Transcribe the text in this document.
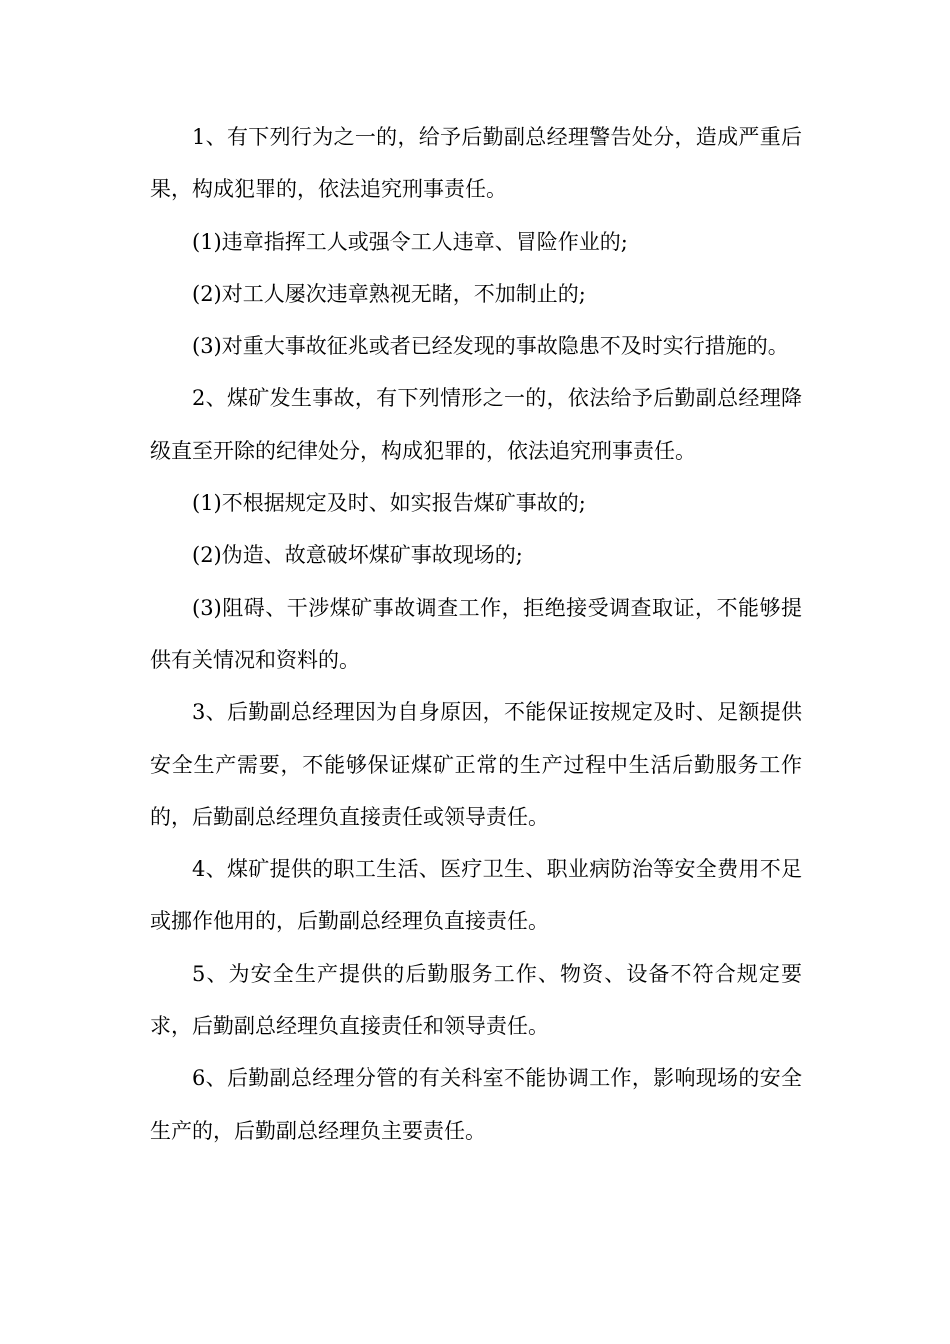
1、有下列行为之一的，给予后勤副总经理警告处分，造成严重后果，构成犯罪的，依法追究刑事责任。

(1)违章指挥工人或强令工人违章、冒险作业的;

(2)对工人屡次违章熟视无睹，不加制止的;

(3)对重大事故征兆或者已经发现的事故隐患不及时实行措施的。

2、煤矿发生事故，有下列情形之一的，依法给予后勤副总经理降级直至开除的纪律处分，构成犯罪的，依法追究刑事责任。

(1)不根据规定及时、如实报告煤矿事故的;

(2)伪造、故意破坏煤矿事故现场的;

(3)阻碍、干涉煤矿事故调查工作，拒绝接受调查取证，不能够提供有关情况和资料的。

3、后勤副总经理因为自身原因，不能保证按规定及时、足额提供安全生产需要，不能够保证煤矿正常的生产过程中生活后勤服务工作的，后勤副总经理负直接责任或领导责任。

4、煤矿提供的职工生活、医疗卫生、职业病防治等安全费用不足或挪作他用的，后勤副总经理负直接责任。

5、为安全生产提供的后勤服务工作、物资、设备不符合规定要求，后勤副总经理负直接责任和领导责任。

6、后勤副总经理分管的有关科室不能协调工作，影响现场的安全生产的，后勤副总经理负主要责任。
